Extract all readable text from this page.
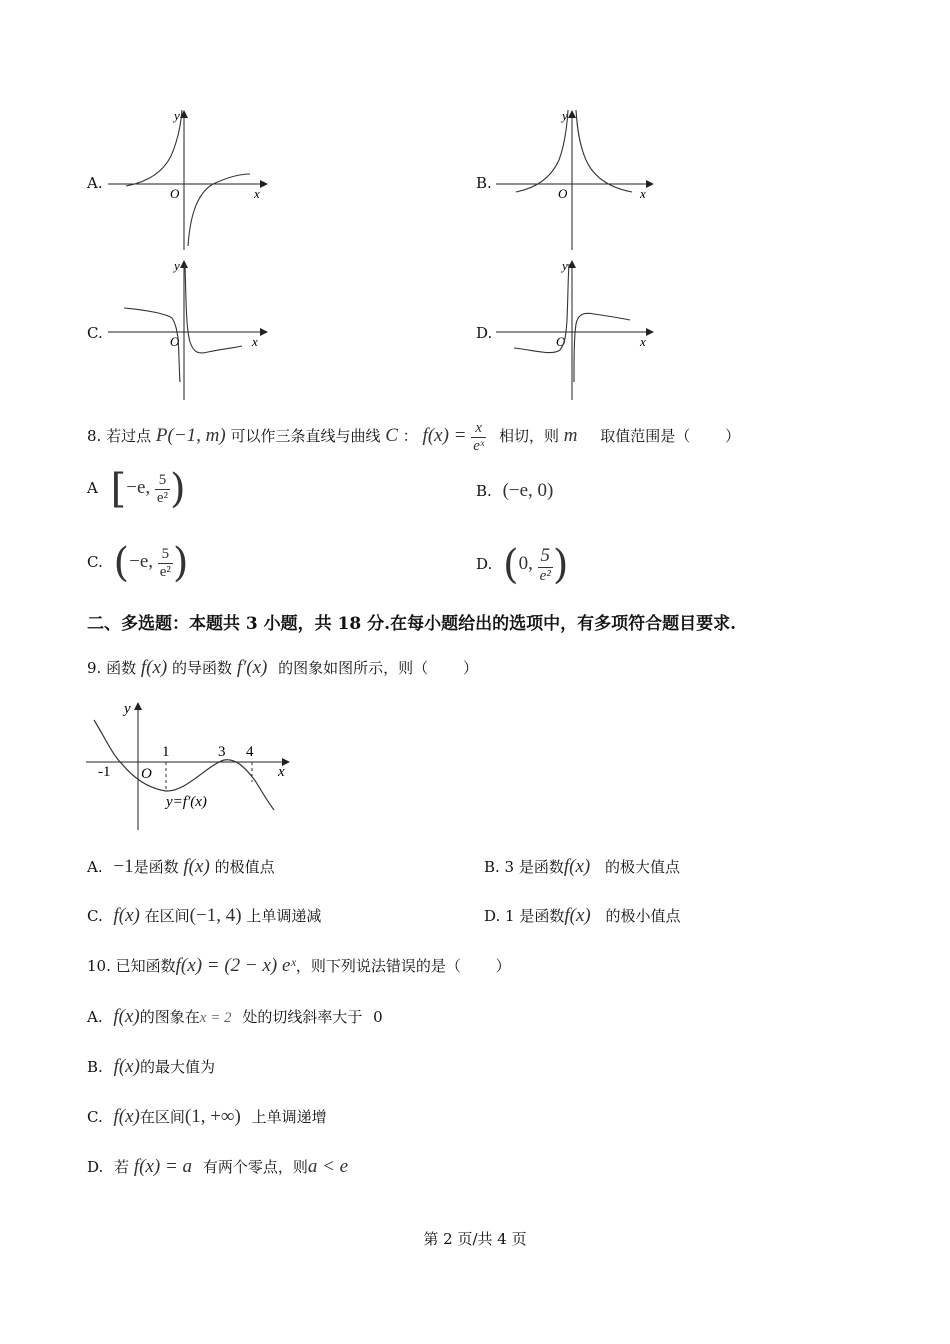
A.
y
x
O
B.
y
x
O
C.
y
x
O	D.
y
x
O
8. 若过点 P(−1, m) 可以作三条直线与曲线 C ： $f(x) = \frac{x}{\text{eˣ}}$ 相切，则 m 取值范围是（ ）
A [−e, $\frac{5}{\text{e²}}$ )	B. (−e, 0)
C. (−e, $\frac{5}{\text{e²}}$ )	D. (0, $\frac{5}{\text{e²}}$ )
二、多选题：本题共 3 小题，共 18 分.在每小题给出的选项中，有多项符合题目要求.
9. 函数 f(x) 的导函数 f′(x) 的图象如图所示，则（ ）
y
x
O
-1
1	3 4
y=f′(x)
A. −1是函数 f(x) 的极值点	B. 3 是函数f(x) 的极大值点
C. f(x) 在区间(−1, 4) 上单调递减	D. 1 是函数f(x) 的极小值点
10. 已知函数f(x) = (2 − x) eˣ，则下列说法错误的是（ ）
A. f(x)的图象在x = 2 处的切线斜率大于 0
B. f(x)的最大值为
C. f(x)在区间(1, +∞) 上单调递增
D. 若 f(x) = a 有两个零点，则a < e
第 2 页/共 4 页
